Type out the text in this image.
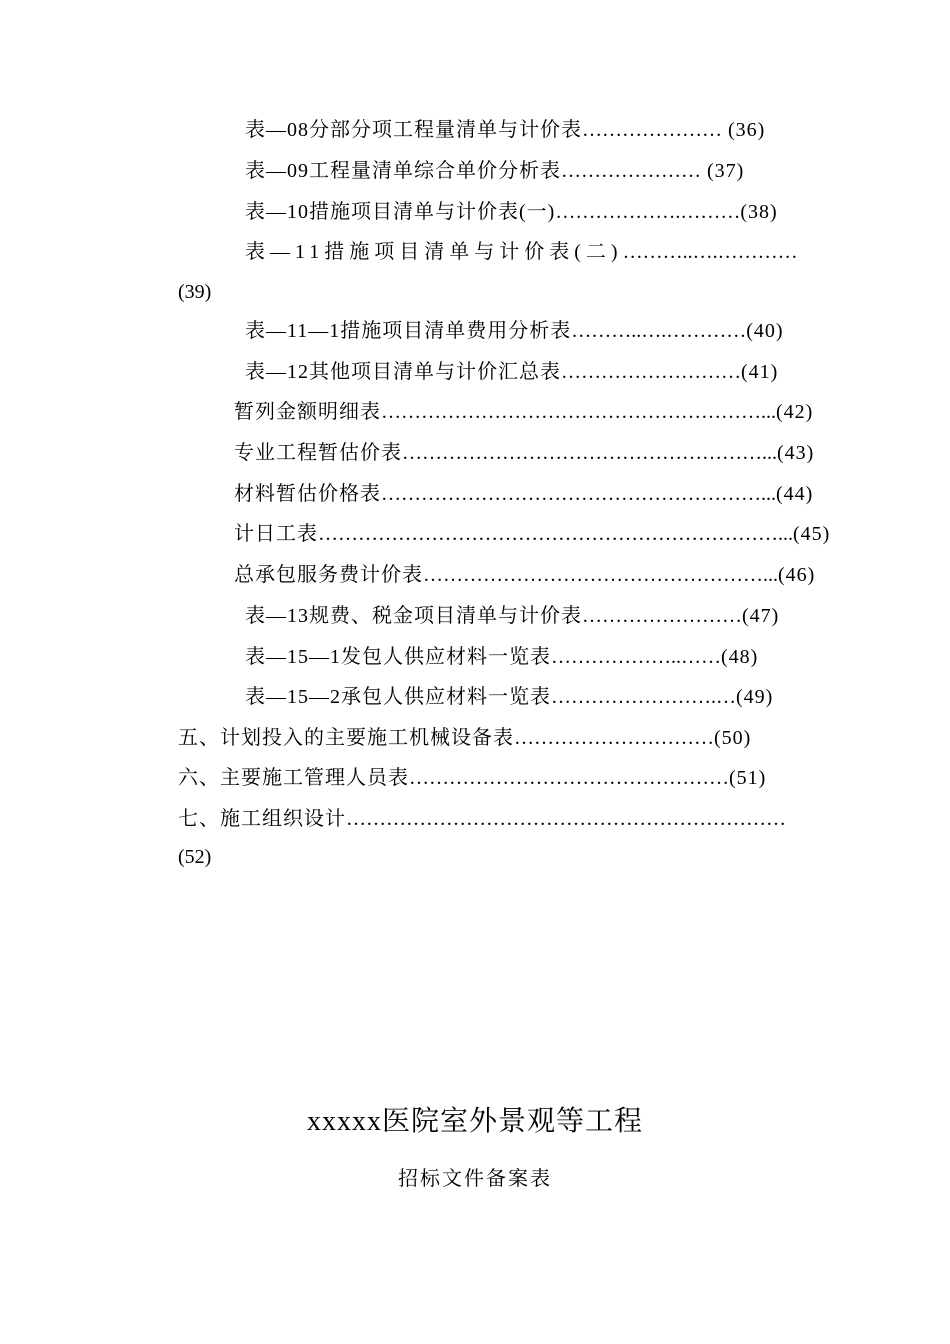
表—08分部分项工程量清单与计价表………………… (36)
表—09工程量清单综合单价分析表………………… (37)
表—10措施项目清单与计价表(一)……………….………(38)
表—11措施项目清单与计价表(二)………..….…………
(39)
表—11—1措施项目清单费用分析表………..….…………(40)
表—12其他项目清单与计价汇总表………………………(41)
暂列金额明细表…………………………………………………...(42)
专业工程暂估价表………………………………………………...(43)
材料暂估价格表…………………………………………………...(44)
计日工表……………………………………………………………...(45)
总承包服务费计价表……………………………………………...(46)
表—13规费、税金项目清单与计价表……………………(47)
表—15—1发包人供应材料一览表………………..……(48)
表—15—2承包人供应材料一览表…………………….…(49)
五、计划投入的主要施工机械设备表…………………………(50)
六、主要施工管理人员表…………………………………………(51)
七、施工组织设计…………………………………………………………
(52)
xxxxx医院室外景观等工程
招标文件备案表
